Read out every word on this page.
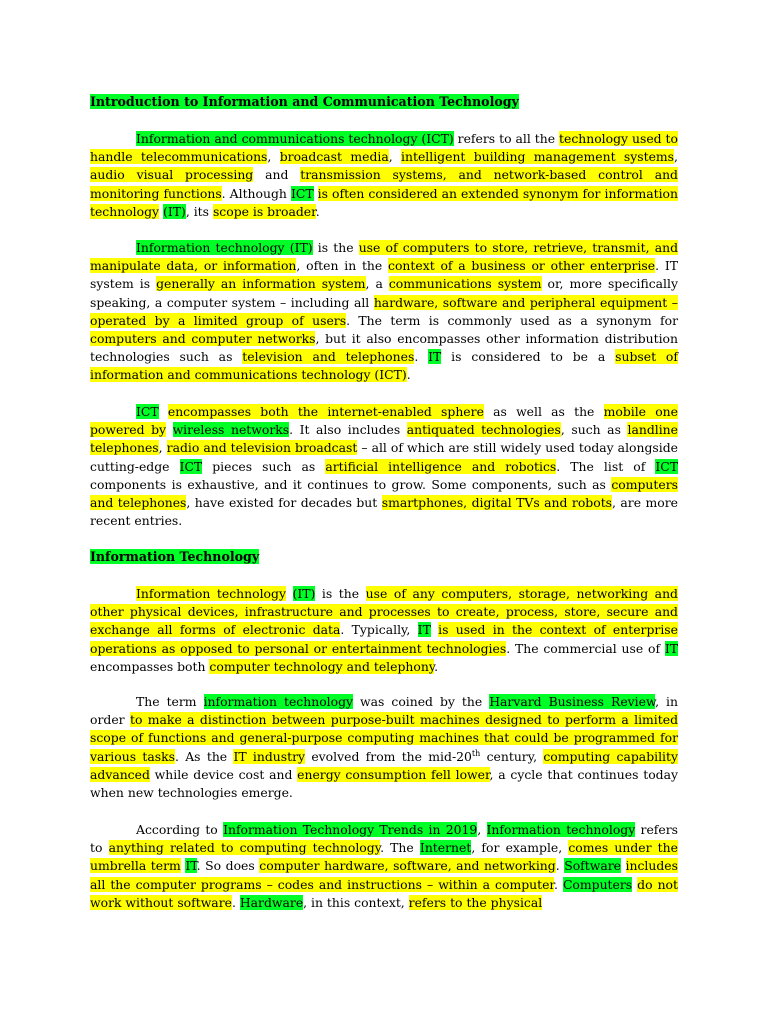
Introduction to Information and Communication Technology
Information and communications technology (ICT) refers to all the technology used to handle telecommunications, broadcast media, intelligent building management systems, audio visual processing and transmission systems, and network-based control and monitoring functions. Although ICT is often considered an extended synonym for information technology (IT), its scope is broader.
Information technology (IT) is the use of computers to store, retrieve, transmit, and manipulate data, or information, often in the context of a business or other enterprise. IT system is generally an information system, a communications system or, more specifically speaking, a computer system – including all hardware, software and peripheral equipment – operated by a limited group of users. The term is commonly used as a synonym for computers and computer networks, but it also encompasses other information distribution technologies such as television and telephones. IT is considered to be a subset of information and communications technology (ICT).
ICT encompasses both the internet-enabled sphere as well as the mobile one powered by wireless networks. It also includes antiquated technologies, such as landline telephones, radio and television broadcast – all of which are still widely used today alongside cutting-edge ICT pieces such as artificial intelligence and robotics. The list of ICT components is exhaustive, and it continues to grow. Some components, such as computers and telephones, have existed for decades but smartphones, digital TVs and robots, are more recent entries.
Information Technology
Information technology (IT) is the use of any computers, storage, networking and other physical devices, infrastructure and processes to create, process, store, secure and exchange all forms of electronic data. Typically, IT is used in the context of enterprise operations as opposed to personal or entertainment technologies. The commercial use of IT encompasses both computer technology and telephony.
The term information technology was coined by the Harvard Business Review, in order to make a distinction between purpose-built machines designed to perform a limited scope of functions and general-purpose computing machines that could be programmed for various tasks. As the IT industry evolved from the mid-20th century, computing capability advanced while device cost and energy consumption fell lower, a cycle that continues today when new technologies emerge.
According to Information Technology Trends in 2019, Information technology refers to anything related to computing technology. The Internet, for example, comes under the umbrella term IT. So does computer hardware, software, and networking. Software includes all the computer programs – codes and instructions – within a computer. Computers do not work without software. Hardware, in this context, refers to the physical
